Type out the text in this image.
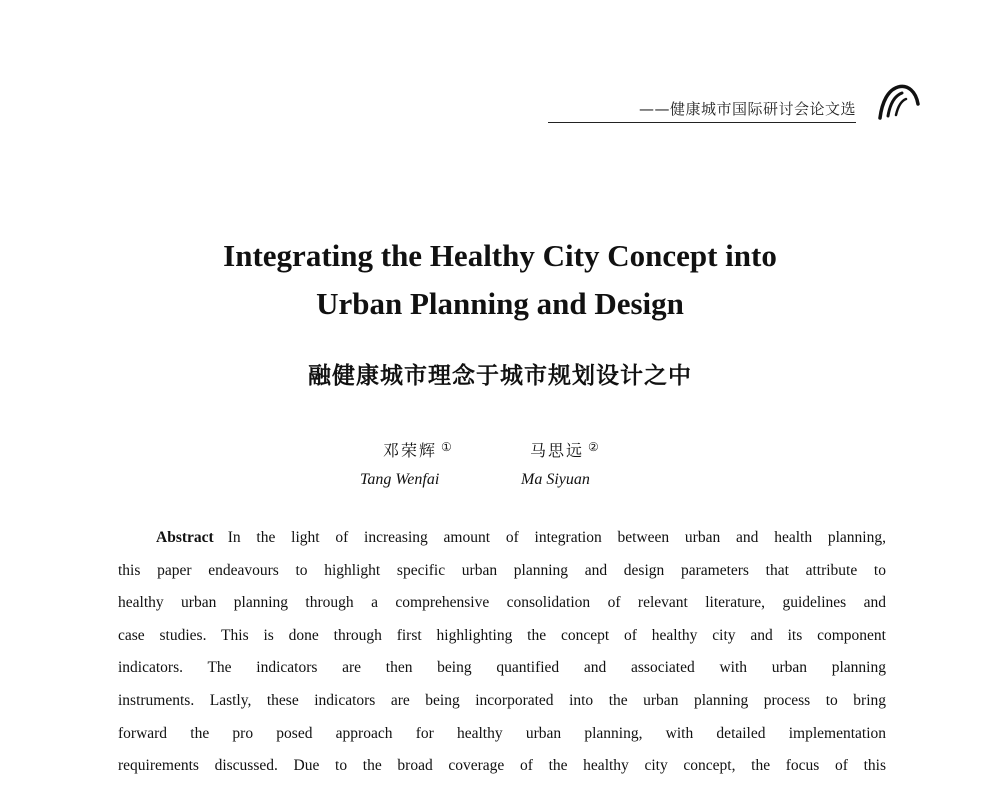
——健康城市国际研讨会论文选
Integrating the Healthy City Concept into
Urban Planning and Design
融健康城市理念于城市规划设计之中
邓荣辉 ①	马思远 ②
Tang Wenfai	Ma Siyuan
Abstract In the light of increasing amount of integration between urban and health planning,
this paper endeavours to highlight specific urban planning and design parameters that attribute to
healthy urban planning through a comprehensive consolidation of relevant literature, guidelines and
case studies. This is done through first highlighting the concept of healthy city and its component
indicators. The indicators are then being quantified and associated with urban planning
instruments. Lastly, these indicators are being incorporated into the urban planning process to bring
forward the pro posed approach for healthy urban planning, with detailed implementation
requirements discussed. Due to the broad coverage of the healthy city concept, the focus of this
